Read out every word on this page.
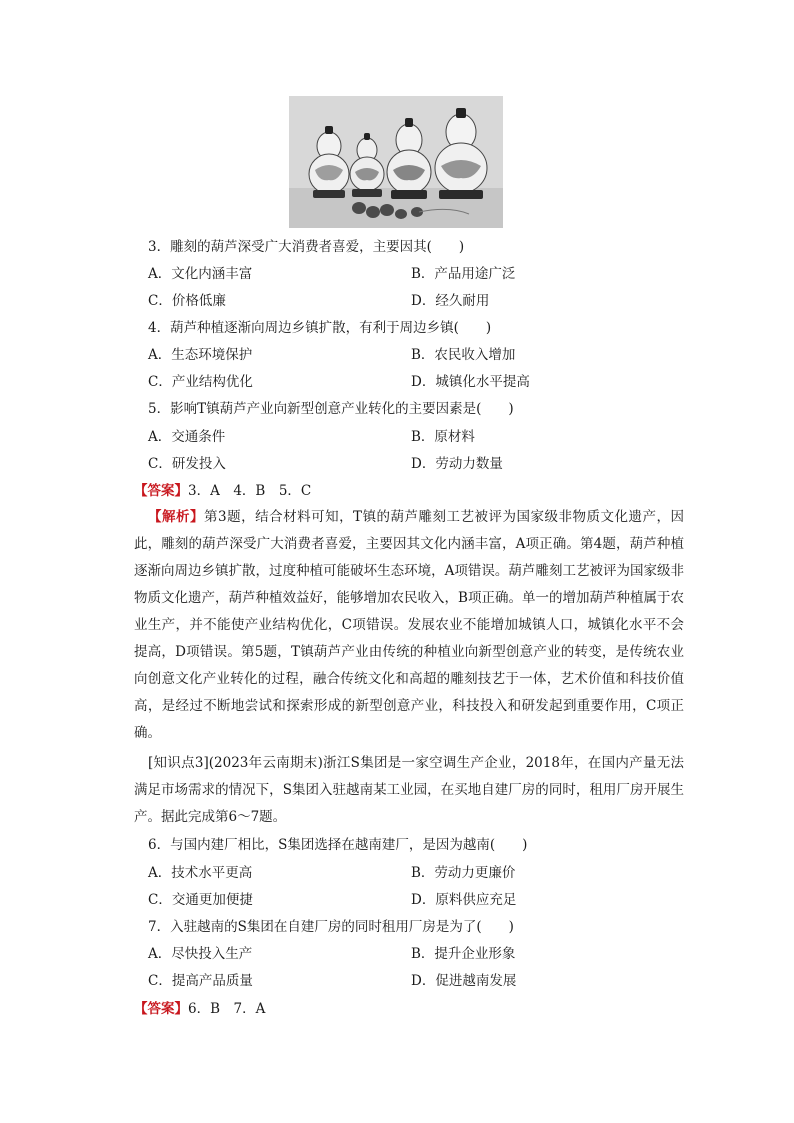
3．雕刻的葫芦深受广大消费者喜爱，主要因其(　　)
A．文化内涵丰富	B．产品用途广泛
C．价格低廉	D．经久耐用
4．葫芦种植逐渐向周边乡镇扩散，有利于周边乡镇(　　)
A．生态环境保护	B．农民收入增加
C．产业结构优化	D．城镇化水平提高
5．影响T镇葫芦产业向新型创意产业转化的主要因素是(　　)
A．交通条件	B．原材料
C．研发投入	D．劳动力数量
【答案】3．A　4．B　5．C
【解析】第3题，结合材料可知，T镇的葫芦雕刻工艺被评为国家级非物质文化遗产，因此，雕刻的葫芦深受广大消费者喜爱，主要因其文化内涵丰富，A项正确。第4题，葫芦种植逐渐向周边乡镇扩散，过度种植可能破坏生态环境，A项错误。葫芦雕刻工艺被评为国家级非物质文化遗产，葫芦种植效益好，能够增加农民收入，B项正确。单一的增加葫芦种植属于农业生产，并不能使产业结构优化，C项错误。发展农业不能增加城镇人口，城镇化水平不会提高，D项错误。第5题，T镇葫芦产业由传统的种植业向新型创意产业的转变，是传统农业向创意文化产业转化的过程，融合传统文化和高超的雕刻技艺于一体，艺术价值和科技价值高，是经过不断地尝试和探索形成的新型创意产业，科技投入和研发起到重要作用，C项正确。
[知识点3](2023年云南期末)浙江S集团是一家空调生产企业，2018年，在国内产量无法满足市场需求的情况下，S集团入驻越南某工业园，在买地自建厂房的同时，租用厂房开展生产。据此完成第6～7题。
6．与国内建厂相比，S集团选择在越南建厂，是因为越南(　　)
A．技术水平更高	B．劳动力更廉价
C．交通更加便捷	D．原料供应充足
7．入驻越南的S集团在自建厂房的同时租用厂房是为了(　　)
A．尽快投入生产	B．提升企业形象
C．提高产品质量	D．促进越南发展
【答案】6．B　7．A
